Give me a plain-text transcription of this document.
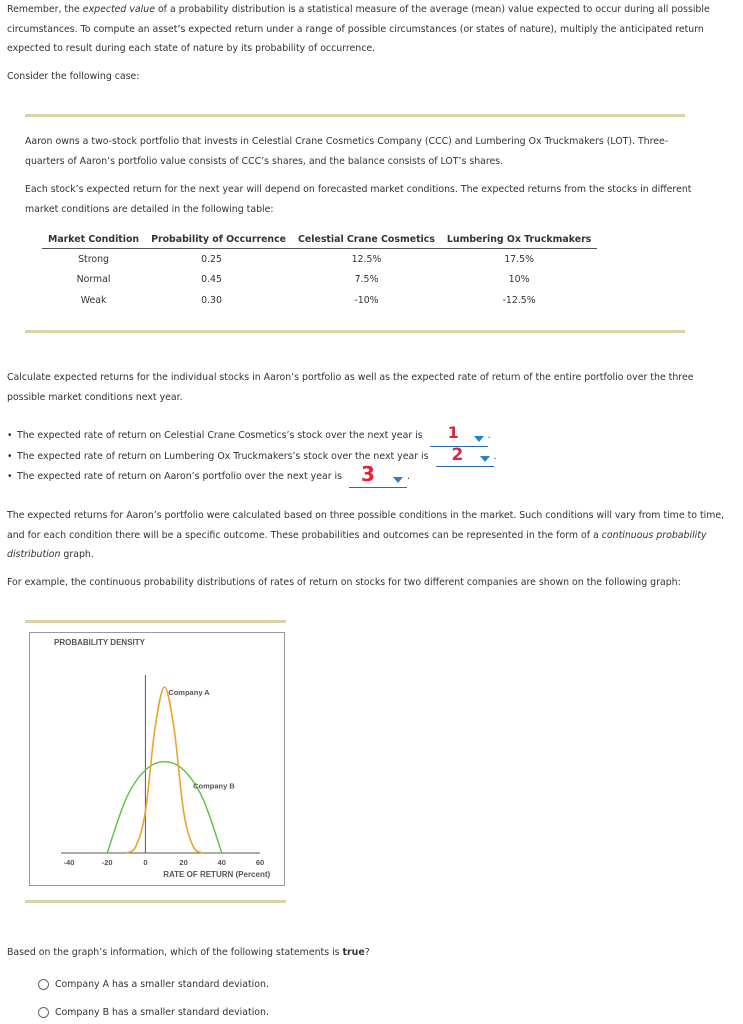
Remember, the expected value of a probability distribution is a statistical measure of the average (mean) value expected to occur during all possible circumstances. To compute an asset’s expected return under a range of possible circumstances (or states of nature), multiply the anticipated return expected to result during each state of nature by its probability of occurrence.

Consider the following case:

Aaron owns a two-stock portfolio that invests in Celestial Crane Cosmetics Company (CCC) and Lumbering Ox Truckmakers (LOT). Three-quarters of Aaron’s portfolio value consists of CCC’s shares, and the balance consists of LOT’s shares.

Each stock’s expected return for the next year will depend on forecasted market conditions. The expected returns from the stocks in different market conditions are detailed in the following table:

Market Condition	Probability of Occurrence	Celestial Crane Cosmetics	Lumbering Ox Truckmakers
Strong	0.25	12.5%	17.5%
Normal	0.45	7.5%	10%
Weak	0.30	-10%	-12.5%

Calculate expected returns for the individual stocks in Aaron’s portfolio as well as the expected rate of return of the entire portfolio over the three possible market conditions next year.

• The expected rate of return on Celestial Crane Cosmetics’s stock over the next year is 1	.
• The expected rate of return on Lumbering Ox Truckmakers’s stock over the next year is 2	.
• The expected rate of return on Aaron’s portfolio over the next year is 3	.

The expected returns for Aaron’s portfolio were calculated based on three possible conditions in the market. Such conditions will vary from time to time, and for each condition there will be a specific outcome. These probabilities and outcomes can be represented in the form of a continuous probability distribution graph.

For example, the continuous probability distributions of rates of return on stocks for two different companies are shown on the following graph:

PROBABILITY DENSITY
-40	-20	0	20	40	60
Company A
Company B
RATE OF RETURN (Percent)

Based on the graph’s information, which of the following statements is true?

Company A has a smaller standard deviation.
Company B has a smaller standard deviation.
